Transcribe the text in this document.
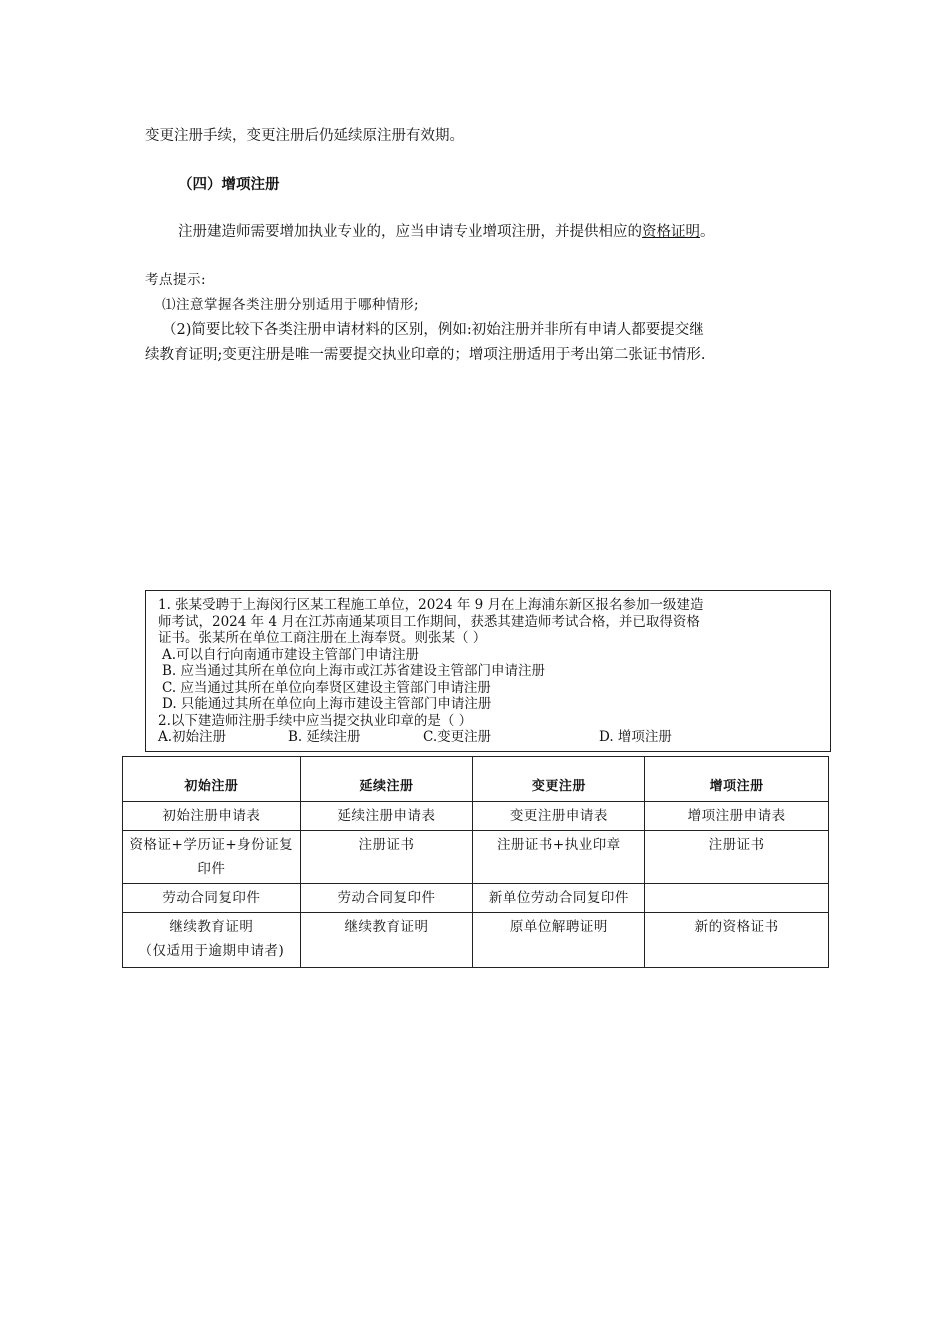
变更注册手续，变更注册后仍延续原注册有效期。
（四）增项注册
注册建造师需要增加执业专业的，应当申请专业增项注册，并提供相应的资格证明。
考点提示:
⑴注意掌握各类注册分别适用于哪种情形;
（2)简要比较下各类注册申请材料的区别，例如:初始注册并非所有申请人都要提交继
续教育证明;变更注册是唯一需要提交执业印章的；增项注册适用于考出第二张证书情形.
1. 张某受聘于上海闵行区某工程施工单位，2024 年 9 月在上海浦东新区报名参加一级建造
师考试，2024 年 4 月在江苏南通某项目工作期间，获悉其建造师考试合格，并已取得资格
证书。张某所在单位工商注册在上海奉贤。则张某（ ）
A.可以自行向南通市建设主管部门申请注册
B. 应当通过其所在单位向上海市或江苏省建设主管部门申请注册
C. 应当通过其所在单位向奉贤区建设主管部门申请注册
D. 只能通过其所在单位向上海市建设主管部门申请注册
2.以下建造师注册手续中应当提交执业印章的是（ ）
A.初始注册	B. 延续注册	C.变更注册	D. 增项注册
初始注册	延续注册	变更注册	增项注册
初始注册申请表	延续注册申请表	变更注册申请表	增项注册申请表
资格证+学历证+身份证复印件	注册证书	注册证书+执业印章	注册证书
劳动合同复印件	劳动合同复印件	新单位劳动合同复印件	
继续教育证明
（仅适用于逾期申请者)	继续教育证明	原单位解聘证明	新的资格证书
